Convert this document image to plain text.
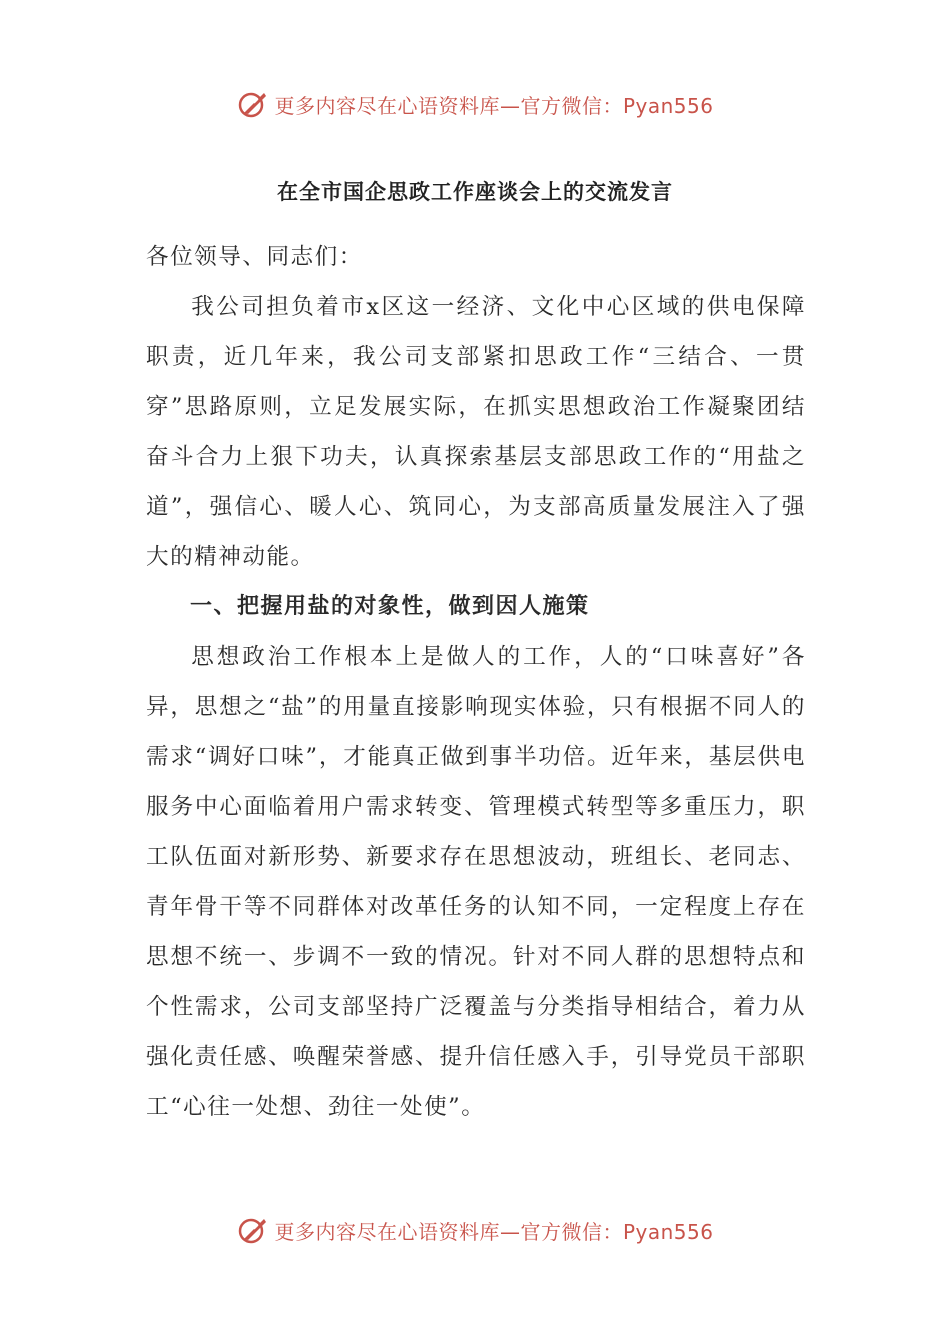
更多内容尽在心语资料库—官方微信：Pyan556
在全市国企思政工作座谈会上的交流发言

各位领导、同志们：

我公司担负着市x区这一经济、文化中心区域的供电保障职责，近几年来，我公司支部紧扣思政工作“三结合、一贯穿”思路原则，立足发展实际，在抓实思想政治工作凝聚团结奋斗合力上狠下功夫，认真探索基层支部思政工作的“用盐之道”，强信心、暖人心、筑同心，为支部高质量发展注入了强大的精神动能。

一、把握用盐的对象性，做到因人施策

思想政治工作根本上是做人的工作，人的“口味喜好”各异，思想之“盐”的用量直接影响现实体验，只有根据不同人的需求“调好口味”，才能真正做到事半功倍。近年来，基层供电服务中心面临着用户需求转变、管理模式转型等多重压力，职工队伍面对新形势、新要求存在思想波动，班组长、老同志、青年骨干等不同群体对改革任务的认知不同，一定程度上存在思想不统一、步调不一致的情况。针对不同人群的思想特点和个性需求，公司支部坚持广泛覆盖与分类指导相结合，着力从强化责任感、唤醒荣誉感、提升信任感入手，引导党员干部职工“心往一处想、劲往一处使”。

更多内容尽在心语资料库—官方微信：Pyan556
